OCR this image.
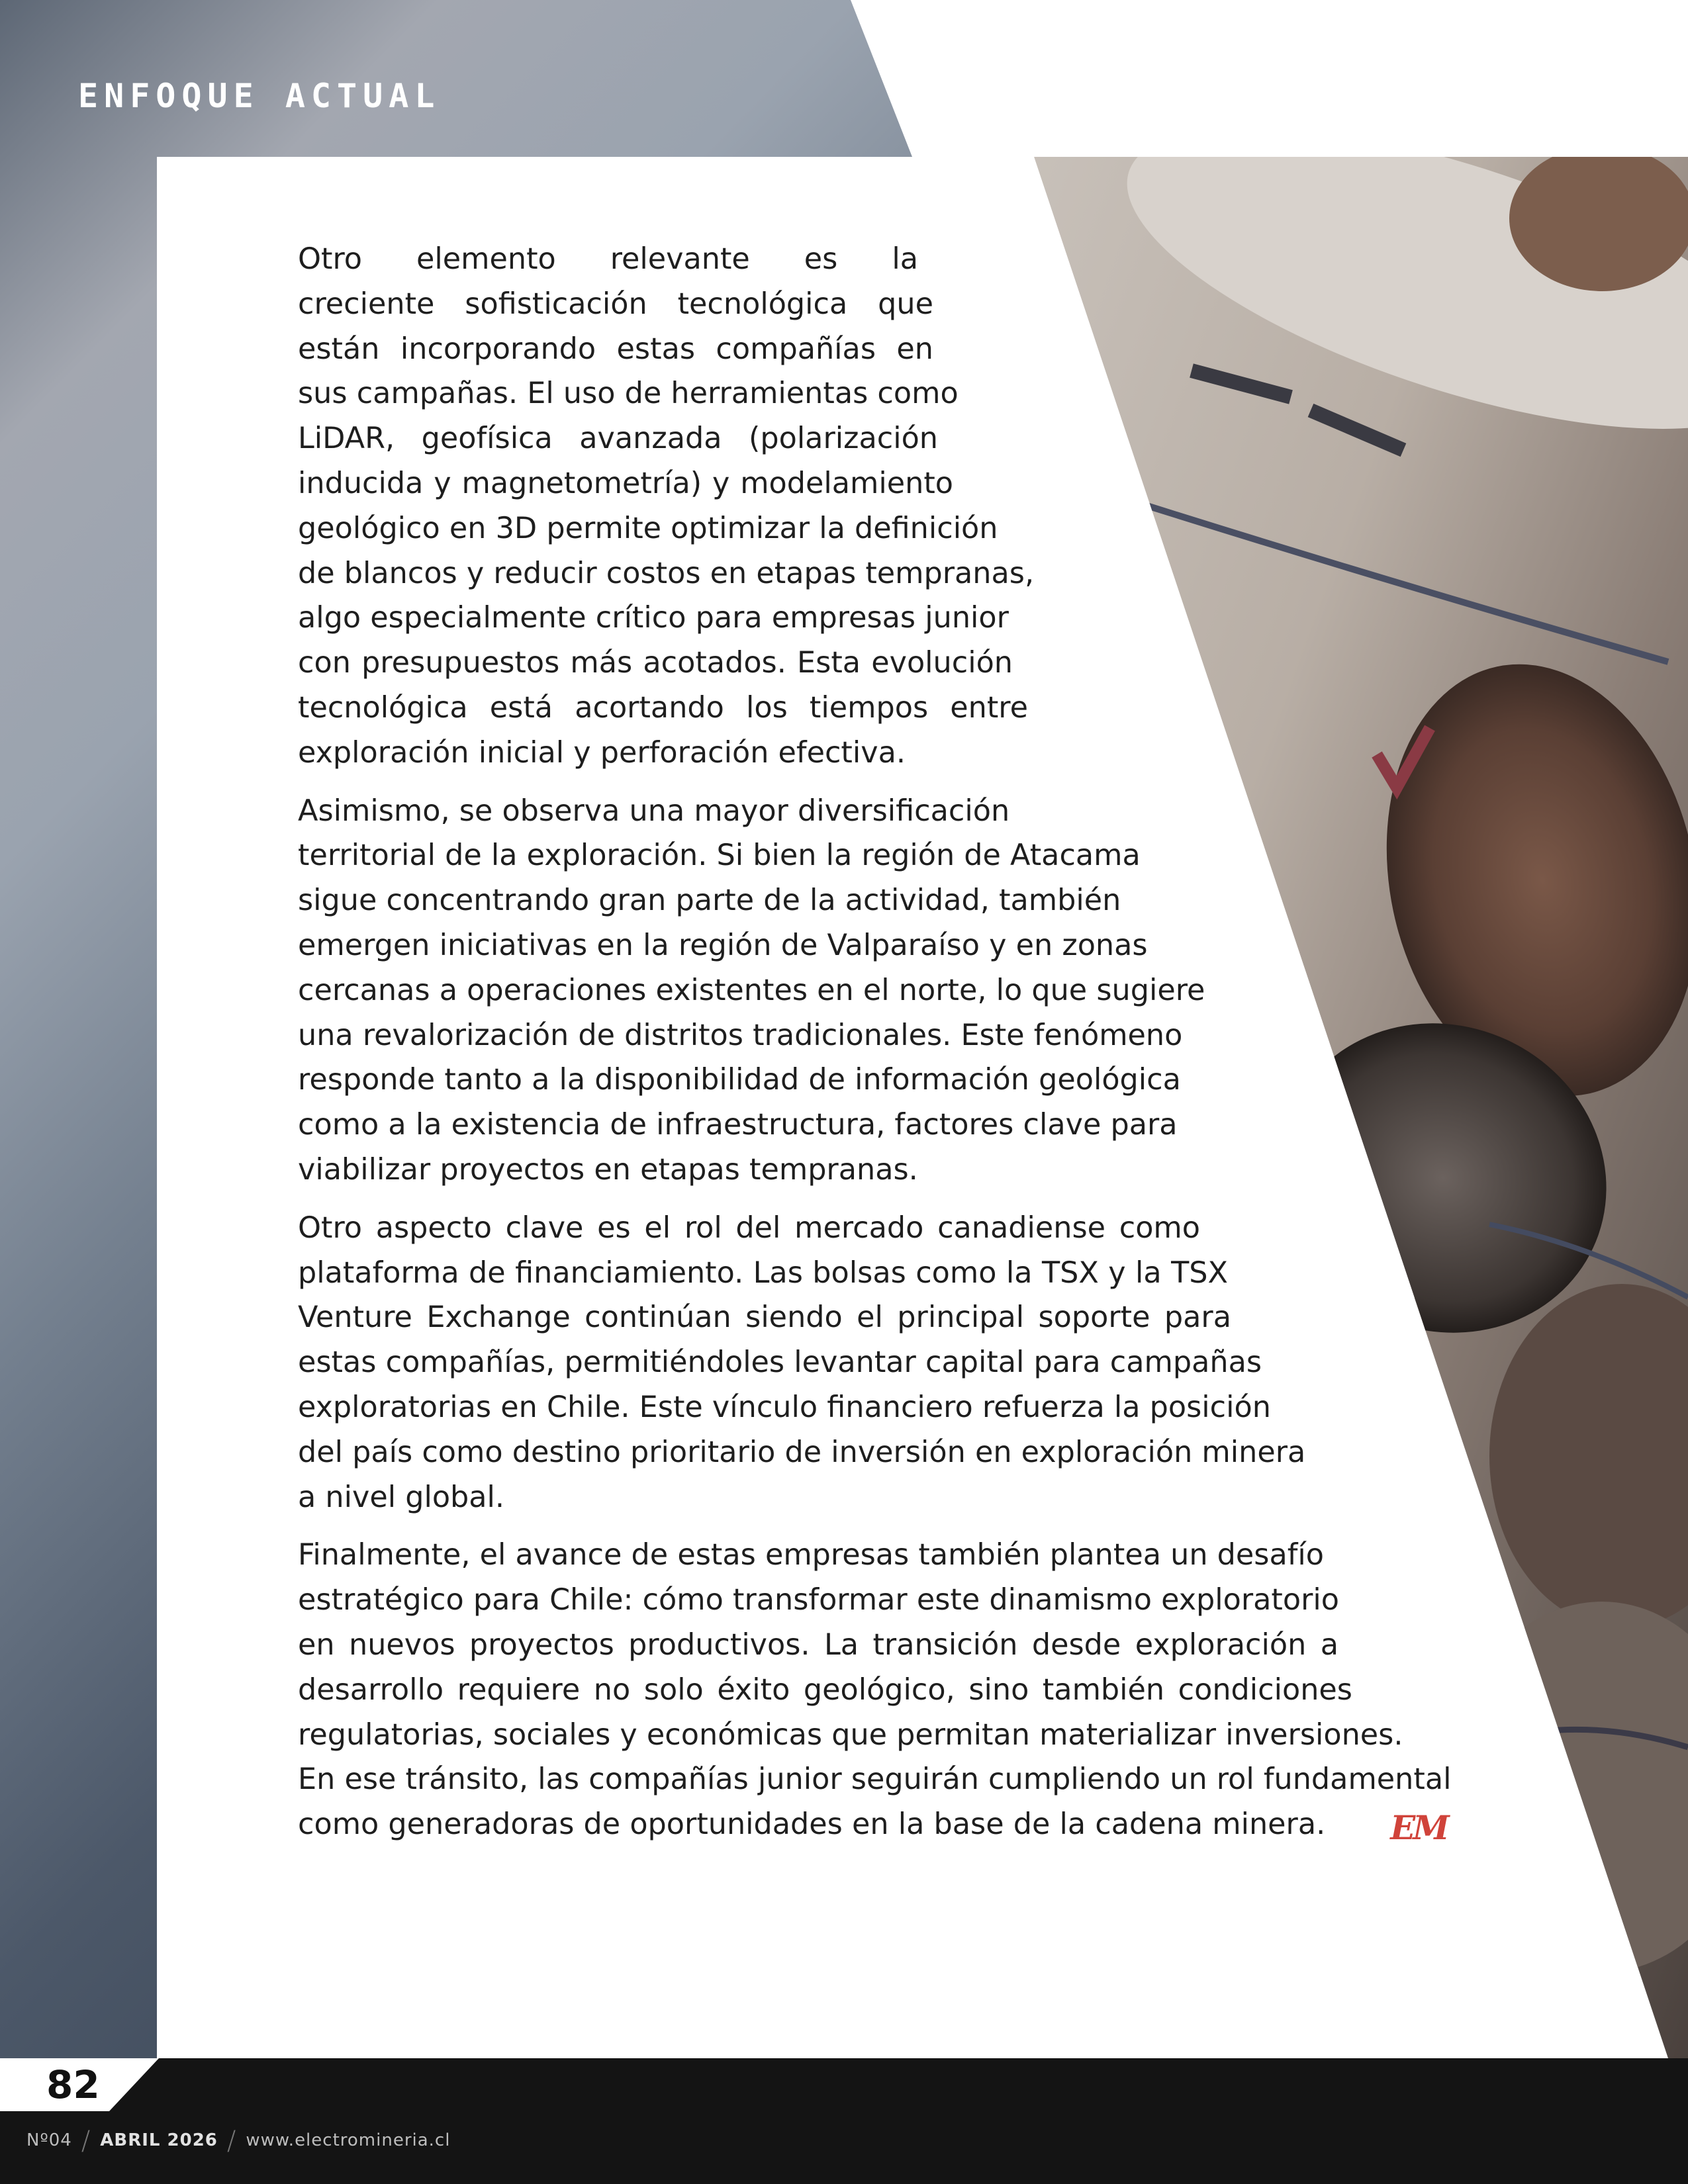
ENFOQUE ACTUAL

Otro elemento relevante es la
creciente sofisticación tecnológica que
están incorporando estas compañías en
sus campañas. El uso de herramientas como
LiDAR, geofísica avanzada (polarización
inducida y magnetometría) y modelamiento
geológico en 3D permite optimizar la definición
de blancos y reducir costos en etapas tempranas,
algo especialmente crítico para empresas junior
con presupuestos más acotados. Esta evolución
tecnológica está acortando los tiempos entre
exploración inicial y perforación efectiva.

Asimismo, se observa una mayor diversificación
territorial de la exploración. Si bien la región de Atacama
sigue concentrando gran parte de la actividad, también
emergen iniciativas en la región de Valparaíso y en zonas
cercanas a operaciones existentes en el norte, lo que sugiere
una revalorización de distritos tradicionales. Este fenómeno
responde tanto a la disponibilidad de información geológica
como a la existencia de infraestructura, factores clave para
viabilizar proyectos en etapas tempranas.

Otro aspecto clave es el rol del mercado canadiense como
plataforma de financiamiento. Las bolsas como la TSX y la TSX
Venture Exchange continúan siendo el principal soporte para
estas compañías, permitiéndoles levantar capital para campañas
exploratorias en Chile. Este vínculo financiero refuerza la posición
del país como destino prioritario de inversión en exploración minera
a nivel global.

Finalmente, el avance de estas empresas también plantea un desafío
estratégico para Chile: cómo transformar este dinamismo exploratorio
en nuevos proyectos productivos. La transición desde exploración a
desarrollo requiere no solo éxito geológico, sino también condiciones
regulatorias, sociales y económicas que permitan materializar inversiones.
En ese tránsito, las compañías junior seguirán cumpliendo un rol fundamental
como generadoras de oportunidades en la base de la cadena minera. EM

82
Nº04 / ABRIL 2026 / www.electromineria.cl
